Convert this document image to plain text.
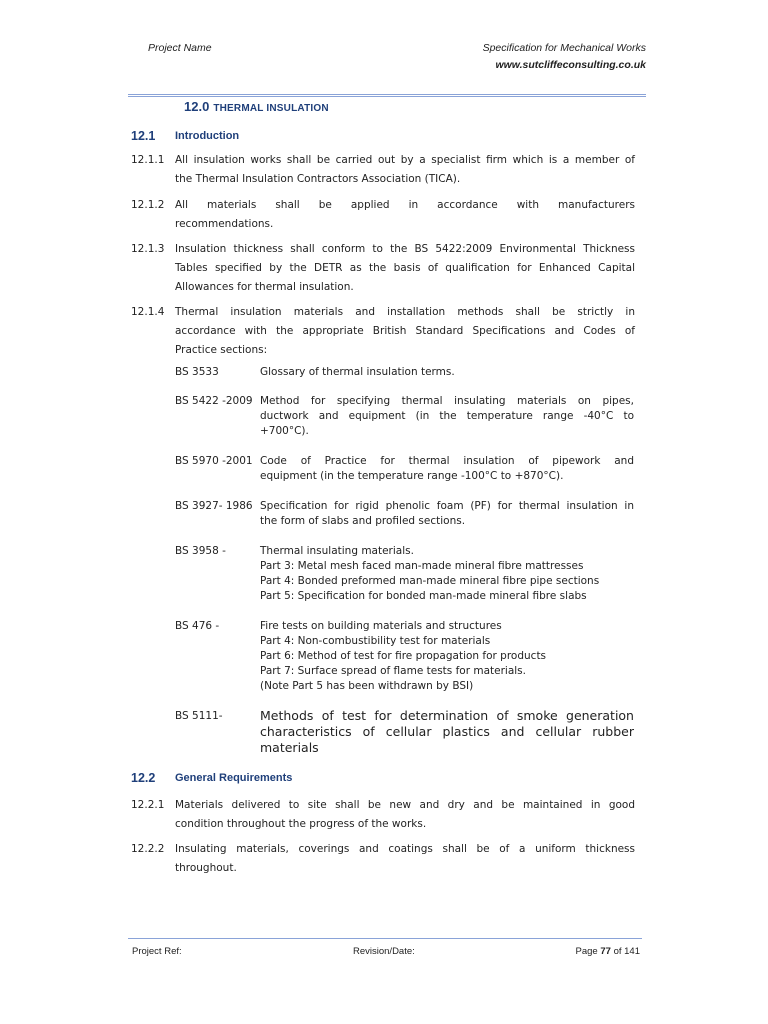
Project Name	Specification for Mechanical Works
www.sutcliffeconsulting.co.uk
12.0 THERMAL INSULATION
12.1 Introduction
12.1.1 All insulation works shall be carried out by a specialist firm which is a member of
the Thermal Insulation Contractors Association (TICA).
12.1.2 All materials shall be applied in accordance with manufacturers
recommendations.
12.1.3 Insulation thickness shall conform to the BS 5422:2009 Environmental Thickness
Tables specified by the DETR as the basis of qualification for Enhanced Capital
Allowances for thermal insulation.
12.1.4 Thermal insulation materials and installation methods shall be strictly in
accordance with the appropriate British Standard Specifications and Codes of
Practice sections:
BS 3533	Glossary of thermal insulation terms.
BS 5422 -2009 Method for specifying thermal insulating materials on pipes,
ductwork and equipment (in the temperature range -40°C to
+700°C).
BS 5970 -2001 Code of Practice for thermal insulation of pipework and
equipment (in the temperature range -100°C to +870°C).
BS 3927- 1986 Specification for rigid phenolic foam (PF) for thermal insulation in
the form of slabs and profiled sections.
BS 3958 -	Thermal insulating materials.
Part 3: Metal mesh faced man-made mineral fibre mattresses
Part 4: Bonded preformed man-made mineral fibre pipe sections
Part 5: Specification for bonded man-made mineral fibre slabs
BS 476 -	Fire tests on building materials and structures
Part 4: Non-combustibility test for materials
Part 6: Method of test for fire propagation for products
Part 7: Surface spread of flame tests for materials.
(Note Part 5 has been withdrawn by BSI)
BS 5111-	Methods of test for determination of smoke generation
characteristics of cellular plastics and cellular rubber
materials
12.2 General Requirements
12.2.1 Materials delivered to site shall be new and dry and be maintained in good
condition throughout the progress of the works.
12.2.2 Insulating materials, coverings and coatings shall be of a uniform thickness
throughout.
Project Ref:	Revision/Date:	Page 77 of 141
